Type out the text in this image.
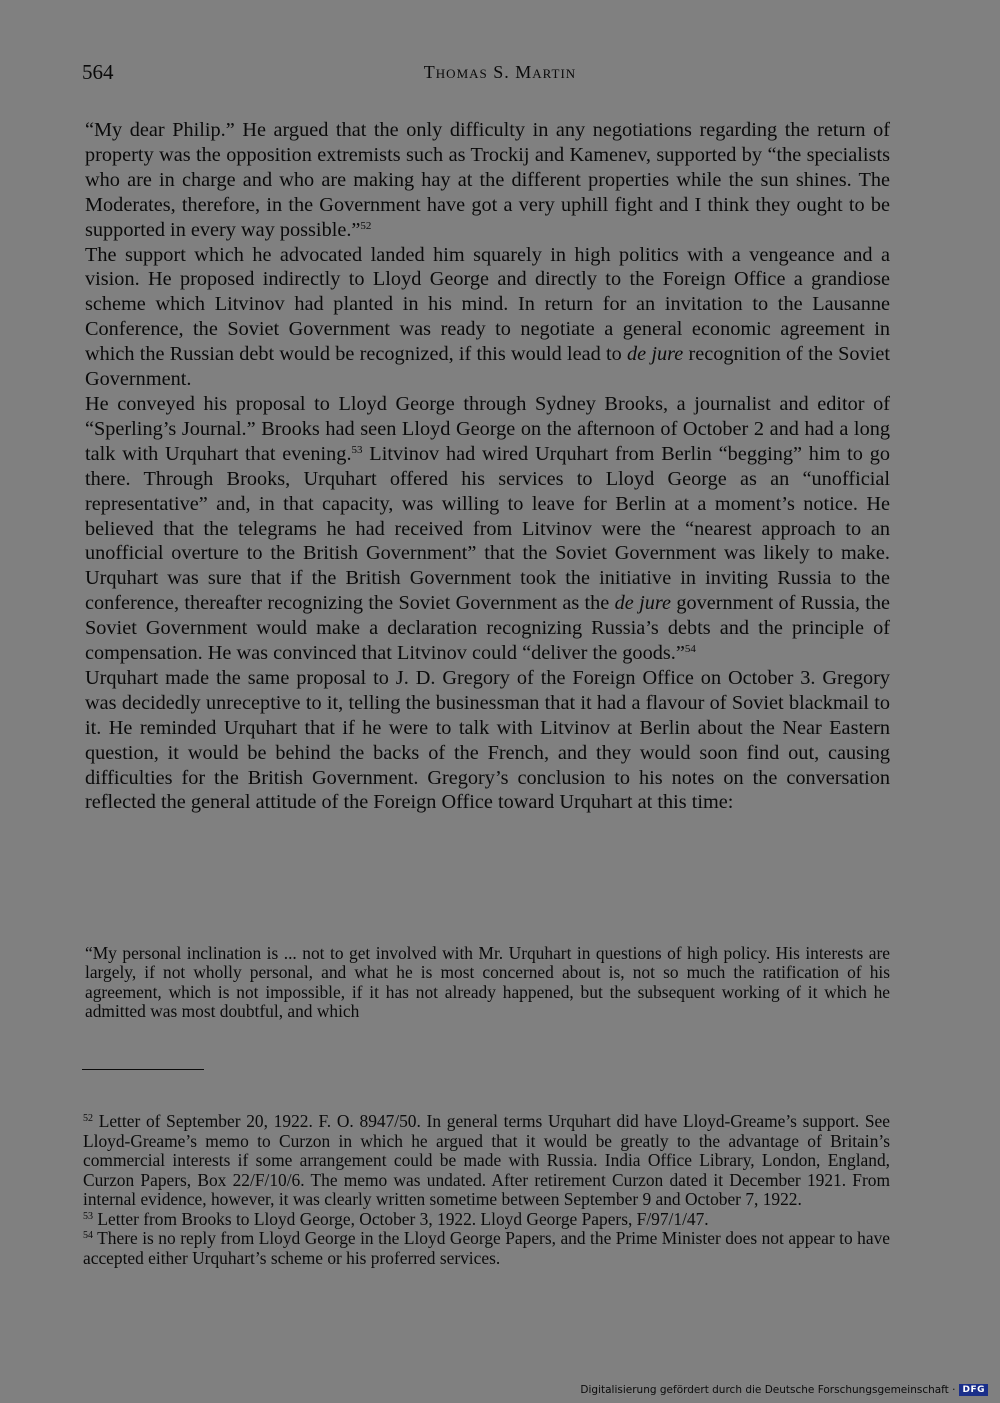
564	Thomas S. Martin

“My dear Philip.” He argued that the only difficulty in any negotiations regarding the return of property was the opposition extremists such as Trockij and Kamenev, supported by “the specialists who are in charge and who are making hay at the different properties while the sun shines. The Moderates, therefore, in the Government have got a very uphill fight and I think they ought to be supported in every way possible.”$^{52}$

The support which he advocated landed him squarely in high politics with a vengeance and a vision. He proposed indirectly to Lloyd George and directly to the Foreign Office a grandiose scheme which Litvinov had planted in his mind. In return for an invitation to the Lausanne Conference, the Soviet Government was ready to negotiate a general economic agreement in which the Russian debt would be recognized, if this would lead to de jure recognition of the Soviet Government.

He conveyed his proposal to Lloyd George through Sydney Brooks, a journalist and editor of “Sperling’s Journal.” Brooks had seen Lloyd George on the afternoon of October 2 and had a long talk with Urquhart that evening.$^{53}$ Litvinov had wired Urquhart from Berlin “begging” him to go there. Through Brooks, Urquhart offered his services to Lloyd George as an “unofficial representative” and, in that capacity, was willing to leave for Berlin at a moment’s notice. He believed that the telegrams he had received from Litvinov were the “nearest approach to an unofficial overture to the British Government” that the Soviet Government was likely to make. Urquhart was sure that if the British Government took the initiative in inviting Russia to the conference, thereafter recognizing the Soviet Government as the de jure government of Russia, the Soviet Government would make a declaration recognizing Russia’s debts and the principle of compensation. He was convinced that Litvinov could “deliver the goods.”$^{54}$

Urquhart made the same proposal to J. D. Gregory of the Foreign Office on October 3. Gregory was decidedly unreceptive to it, telling the businessman that it had a flavour of Soviet blackmail to it. He reminded Urquhart that if he were to talk with Litvinov at Berlin about the Near Eastern question, it would be behind the backs of the French, and they would soon find out, causing difficulties for the British Government. Gregory’s conclusion to his notes on the conversation reflected the general attitude of the Foreign Office toward Urquhart at this time:

“My personal inclination is ... not to get involved with Mr. Urquhart in questions of high policy. His interests are largely, if not wholly personal, and what he is most concerned about is, not so much the ratification of his agreement, which is not impossible, if it has not already happened, but the subsequent working of it which he admitted was most doubtful, and which

$^{52}$ Letter of September 20, 1922. F. O. 8947/50. In general terms Urquhart did have Lloyd-Greame’s support. See Lloyd-Greame’s memo to Curzon in which he argued that it would be greatly to the advantage of Britain’s commercial interests if some arrangement could be made with Russia. India Office Library, London, England, Curzon Papers, Box 22/F/10/6. The memo was undated. After retirement Curzon dated it December 1921. From internal evidence, however, it was clearly written sometime between September 9 and October 7, 1922.

$^{53}$ Letter from Brooks to Lloyd George, October 3, 1922. Lloyd George Papers, F/97/1/47.

$^{54}$ There is no reply from Lloyd George in the Lloyd George Papers, and the Prime Minister does not appear to have accepted either Urquhart’s scheme or his proferred services.

Digitalisierung gefördert durch die Deutsche Forschungsgemeinschaft · DFG
